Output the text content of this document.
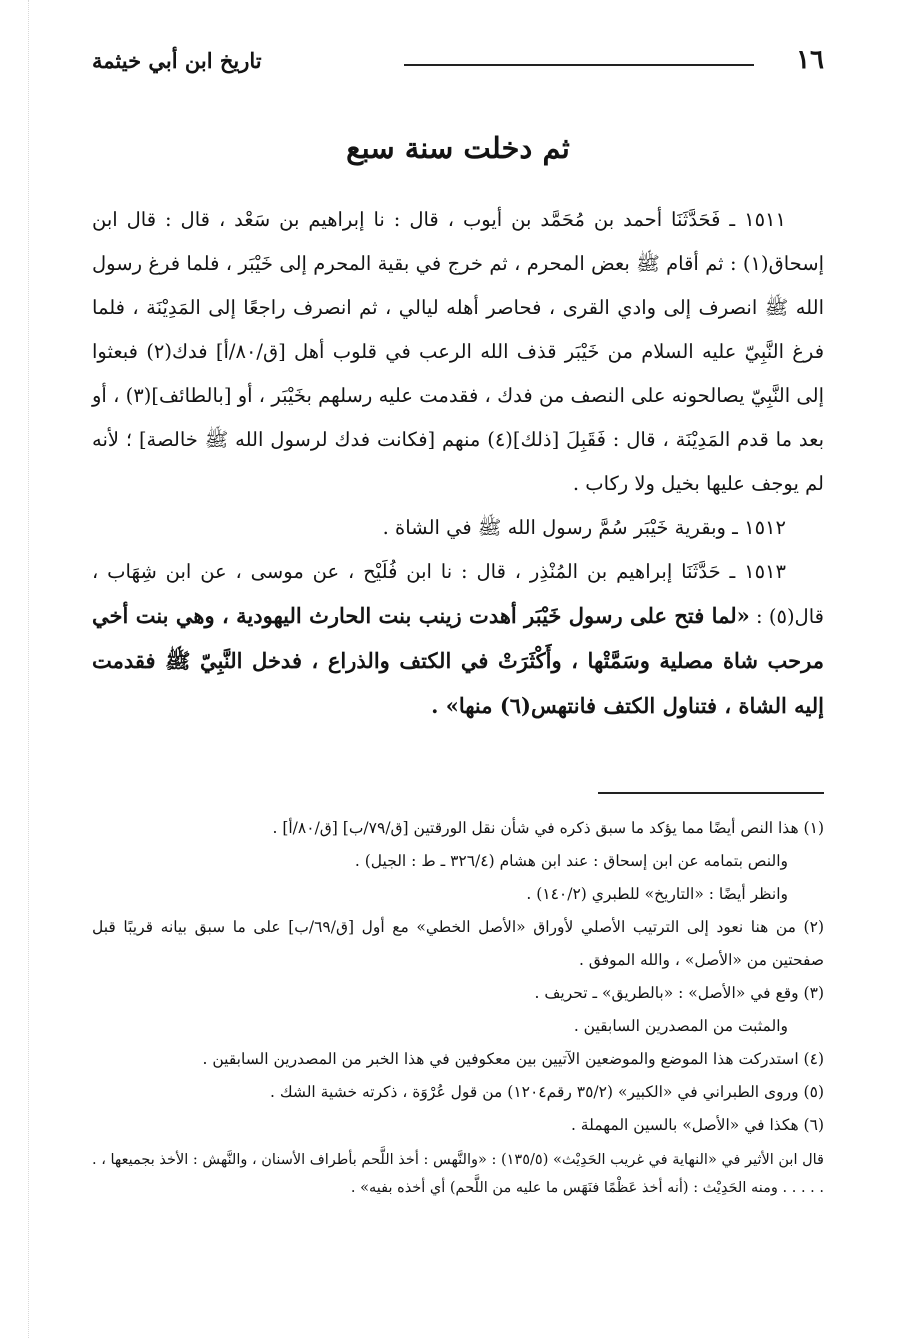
١٦
تاريخ ابن أبي خيثمة
ثم دخلت سنة سبع

١٥١١ ـ فَحَدَّثَنَا أحمد بن مُحَمَّد بن أيوب ، قال : نا إبراهيم بن سَعْد ، قال : قال ابن إسحاق(١) : ثم أقام ﷺ بعض المحرم ، ثم خرج في بقية المحرم إلى خَيْبَر ، فلما فرغ رسول الله ﷺ انصرف إلى وادي القرى ، فحاصر أهله ليالي ، ثم انصرف راجعًا إلى المَدِيْنَة ، فلما فرغ النَّبِيّ عليه السلام من خَيْبَر قذف الله الرعب في قلوب أهل [ق/٨٠/أ] فدك(٢) فبعثوا إلى النَّبِيّ يصالحونه على النصف من فدك ، فقدمت عليه رسلهم بخَيْبَر ، أو [بالطائف](٣) ، أو بعد ما قدم المَدِيْنَة ، قال : فَقَبِلَ [ذلك](٤) منهم [فكانت فدك لرسول الله ﷺ خالصة] ؛ لأنه لم يوجف عليها بخيل ولا ركاب .

١٥١٢ ـ وبقرية خَيْبَر سُمَّ رسول الله ﷺ في الشاة .

١٥١٣ ـ حَدَّثَنَا إبراهيم بن المُنْذِر ، قال : نا ابن فُلَيْح ، عن موسى ، عن ابن شِهَاب ، قال(٥) : «لما فتح على رسول خَيْبَر أهدت زينب بنت الحارث اليهودية ، وهي بنت أخي مرحب شاة مصلية وسَمَّتْها ، وأَكْثَرَتْ في الكتف والذراع ، فدخل النَّبِيّ ﷺ فقدمت إليه الشاة ، فتناول الكتف فانتهس(٦) منها» .

(١) هذا النص أيضًا مما يؤكد ما سبق ذكره في شأن نقل الورقتين [ق/٧٩/ب] [ق/٨٠/أ] .

والنص بتمامه عن ابن إسحاق : عند ابن هشام (٣٢٦/٤ ـ ط : الجيل) .

وانظر أيضًا : «التاريخ» للطبري (١٤٠/٢) .

(٢) من هنا نعود إلى الترتيب الأصلي لأوراق «الأصل الخطي» مع أول [ق/٦٩/ب] على ما سبق بيانه قريبًا قبل صفحتين من «الأصل» ، والله الموفق .

(٣) وقع في «الأصل» : «بالطريق» ـ تحريف .

والمثبت من المصدرين السابقين .

(٤) استدركت هذا الموضع والموضعين الآتيين بين معكوفين في هذا الخبر من المصدرين السابقين .

(٥) وروى الطبراني في «الكبير» (٣٥/٢ رقم١٢٠٤) من قول عُرْوَة ، ذكرته خشية الشك .

(٦) هكذا في «الأصل» بالسين المهملة .

قال ابن الأثير في «النهاية في غريب الحَدِيْث» (١٣٥/٥) : «والنَّهس : أخذ اللَّحم بأطراف الأسنان ، والنَّهش : الأخذ بجميعها ، . . . . . . ومنه الحَدِيْث : (أنه أخذ عَظْمًا فنَهَس ما عليه من اللَّحم) أي أخذه بفيه» .
